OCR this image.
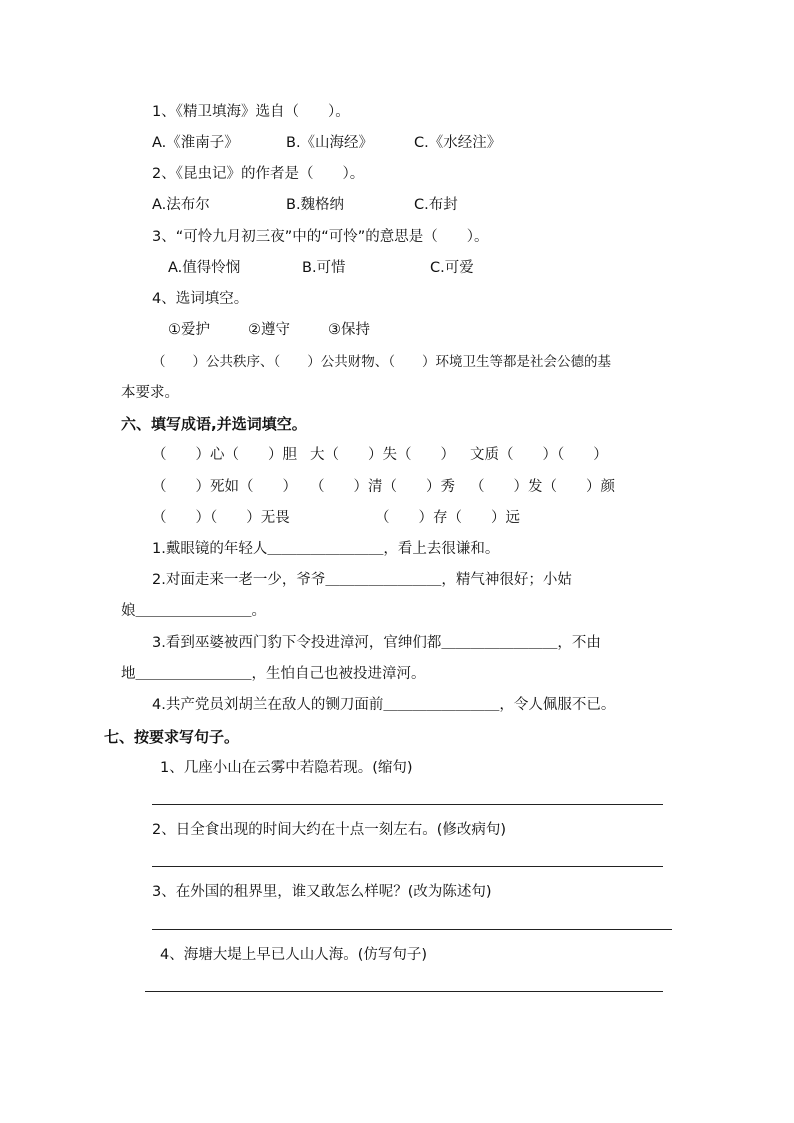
1、《精卫填海》选自（　　）。
A.《淮南子》	B.《山海经》	C.《水经注》
2、《昆虫记》的作者是（　　）。
A.法布尔	B.魏格纳	C.布封
3、“可怜九月初三夜”中的“可怜”的意思是（　　）。
A.值得怜悯	B.可惜	C.可爱
4、选词填空。
①爱护	②遵守	③保持
（　　）公共秩序、（　　）公共财物、（　　）环境卫生等都是社会公德的基
本要求。
六、填写成语,并选词填空。
（　　）心（　　）胆 大（　　）失（　　） 文质（　　）（　　）
（　　）死如（　　） （　　）清（　　）秀 （　　）发（　　）颜
（　　）（　　）无畏	（　　）存（　　）远
1.戴眼镜的年轻人＿＿＿＿＿＿＿＿，看上去很谦和。
2.对面走来一老一少，爷爷＿＿＿＿＿＿＿＿，精气神很好；小姑
娘＿＿＿＿＿＿＿＿。
3.看到巫婆被西门豹下令投进漳河，官绅们都＿＿＿＿＿＿＿＿，不由
地＿＿＿＿＿＿＿＿，生怕自己也被投进漳河。
4.共产党员刘胡兰在敌人的铡刀面前＿＿＿＿＿＿＿＿，令人佩服不已。
七、按要求写句子。
1、几座小山在云雾中若隐若现。(缩句)
2、日全食出现的时间大约在十点一刻左右。(修改病句)
3、在外国的租界里，谁又敢怎么样呢？(改为陈述句)
4、海塘大堤上早已人山人海。(仿写句子)
